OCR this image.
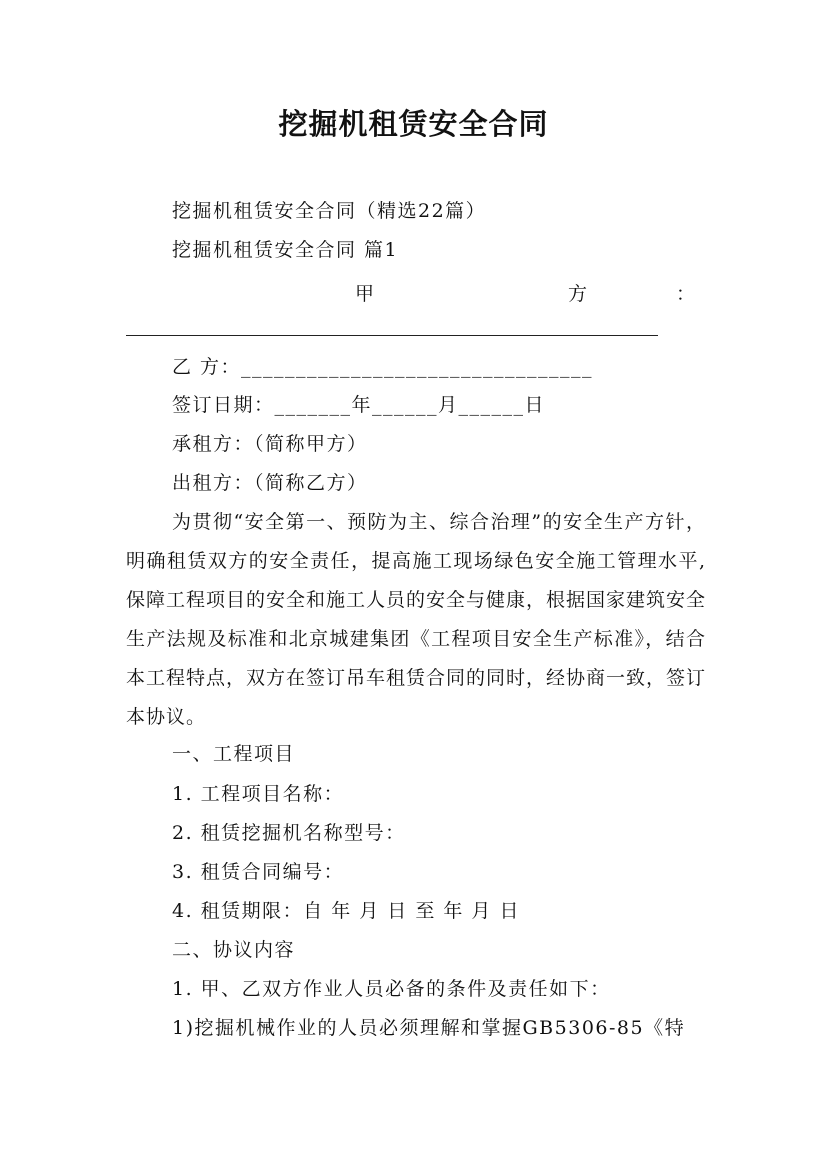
挖掘机租赁安全合同
挖掘机租赁安全合同（精选22篇）
挖掘机租赁安全合同 篇1
甲	方	：
乙 方：________________________________
签订日期：_______年______月______日
承租方：（简称甲方）
出租方：（简称乙方）
为贯彻“安全第一、预防为主、综合治理”的安全生产方针，明确租赁双方的安全责任，提高施工现场绿色安全施工管理水平,保障工程项目的安全和施工人员的安全与健康，根据国家建筑安全生产法规及标准和北京城建集团《工程项目安全生产标准》，结合本工程特点，双方在签订吊车租赁合同的同时，经协商一致，签订本协议。
一、工程项目
1. 工程项目名称：
2. 租赁挖掘机名称型号：
3. 租赁合同编号：
4. 租赁期限：自 年 月 日 至 年 月 日
二、协议内容
1. 甲、乙双方作业人员必备的条件及责任如下：
1)挖掘机械作业的人员必须理解和掌握GB5306-85《特
